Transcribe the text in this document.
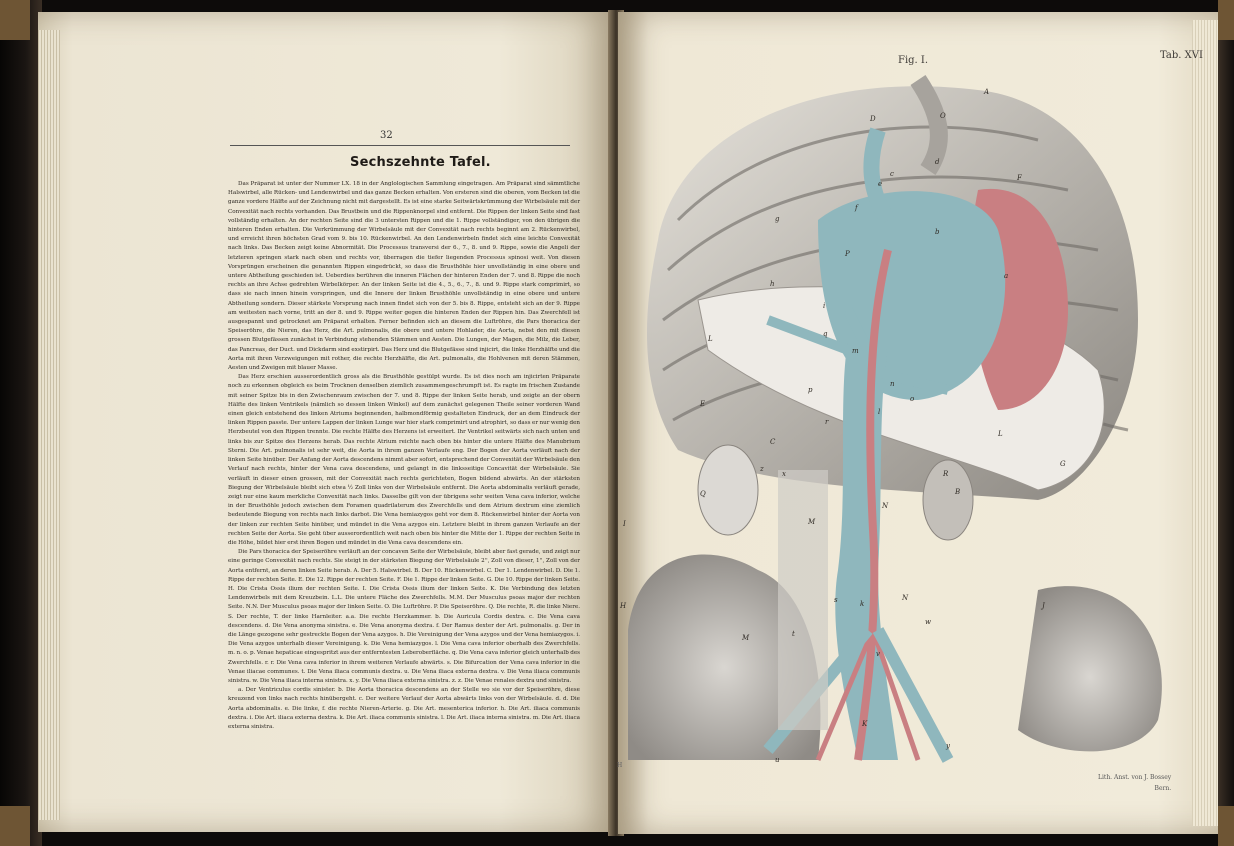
32
Sechszehnte Tafel.

Das Präparat ist unter der Nummer LX. 18 in der Anglologischen Sammlung eingetragen. Am Präparat sind sämmtliche Halswirbel, alle Rücken- und Lendenwirbel und das ganze Becken erhalten. Von ersteren sind die oberen, vom Becken ist die ganze vordere Hälfte auf der Zeichnung nicht mit dargestellt. Es ist eine starke Seitwärtskrümmung der Wirbelsäule mit der Convexität nach rechts vorhanden. Das Brustbein und die Rippenknorpel sind entfernt. Die Rippen der linken Seite sind fast vollständig erhalten. An der rechten Seite sind die 3 untersten Rippen und die 1. Rippe vollständiger, von den übrigen die hinteren Enden erhalten. Die Verkrümmung der Wirbelsäule mit der Convexität nach rechts beginnt am 2. Rückenwirbel, und erreicht ihren höchsten Grad vom 9. bis 10. Rückenwirbel. An den Lendenwirbeln findet sich eine leichte Convexität nach links. Das Becken zeigt keine Abnormität. Die Processus transversi der 6., 7., 8. und 9. Rippe, sowie die Angeli der letzteren springen stark nach oben und rechts vor, überragen die tiefer liegenden Processus spinosi weit. Von diesen Vorsprüngen erscheinen die genannten Rippen eingedrückt, so dass die Brusthöhle hier unvollständig in eine obere und untere Abtheilung geschieden ist. Ueberdies berühren die inneren Flächen der hinteren Enden der 7. und 8. Rippe die noch rechts an ihre Achse gedrehten Wirbelkörper. An der linken Seite ist die 4., 5., 6., 7., 8. und 9. Rippe stark comprimirt, so dass sie nach innen hinein vorspringen, und die Innere der linken Brusthöhle unvollständig in eine obere und untere Abtheilung sondern. Dieser stärkste Vorsprung nach innen findet sich von der 5. bis 8. Rippe, entsteht sich an der 9. Rippe am weitesten nach vorne, tritt an der 8. und 9. Rippe weiter gegen die hinteren Enden der Rippen hin. Das Zwerchfell ist ausgespannt und getrocknet am Präparat erhalten. Ferner befinden sich an diesem die Luftröhre, die Pars thoracica der Speiseröhre, die Nieren, das Herz, die Art. pulmonalis, die obere und untere Hohlader, die Aorta, nebst den mit diesen grossen Blutgefässen zunächst in Verbindung stehenden Stämmen und Aesten. Die Lungen, der Magen, die Milz, die Leber, das Pancreas, der Duct. und Dickdarm sind exstirpirt. Das Herz und die Blutgefässe sind injicirt, die linke Herzhälfte und die Aorta mit ihren Verzweigungen mit rother, die rechte Herzhälfte, die Art. pulmonalis, die Hohlvenen mit deren Stämmen, Aesten und Zweigen mit blauer Masse.

Das Herz erschien ausserordentlich gross als die Brusthöhle gestülpt wurde. Es ist dies noch am injicirten Präparate noch zu erkennen obgleich es beim Trocknen denselben ziemlich zusammengeschrumpft ist. Es ragte im frischen Zustande mit seiner Spitze bis in den Zwischenraum zwischen der 7. und 8. Rippe der linken Seite herab, und zeigte an der obern Hälfte des linken Ventrikels (nämlich so dessen linken Winkel) auf dem zunächst gelegenen Theile seiner vorderen Wand einen gleich entstehend des linken Atriums beginnenden, halbmondförmig gestalteten Eindruck, der an dem Eindruck der linken Rippen passte. Der untere Lappen der linken Lunge war hier stark comprimirt und atrophirt, so dass er nur wenig den Herzbeutel von den Rippen trennte. Die rechte Hälfte des Herzens ist erweitert. Ihr Ventrikel seitwärts sich nach unten und links bis zur Spitze des Herzens herab. Das rechte Atrium reichte nach oben bis hinter die untere Hälfte des Manubrium Sterni. Die Art. pulmonalis ist sehr weit, die Aorta in ihrem ganzen Verlaufe eng. Der Bogen der Aorta verläuft nach der linken Seite hinüber. Der Anfang der Aorta descendens nimmt aber sofort, entsprechend der Convexität der Wirbelsäule den Verlauf nach rechts, hinter der Vena cava descendens, und gelangt in die linksseitige Concavität der Wirbelsäule. Sie verläuft in dieser einen grossen, mit der Convexität nach rechts gerichteten, Bogen bildend abwärts. An der stärksten Biegung der Wirbelsäule bleibt sich etwa ½ Zoll links von der Wirbelsäule entfernt. Die Aorta abdominalis verläuft gerade, zeigt nur eine kaum merkliche Convexität nach links. Dasselbe gilt von der übrigens sehr weiten Vena cava inferior, welche in der Brusthöhle jedoch zwischen dem Foramen quadrilaterum des Zwerchfells und dem Atrium dextrum eine ziemlich bedeutende Biegung von rechts nach links darbot. Die Vena hemiazygos geht vor dem 8. Rückenwirbel hinter der Aorta von der linken zur rechten Seite hinüber, und mündet in die Vena azygos ein. Letztere bleibt in ihrem ganzen Verlaufe an der rechten Seite der Aorta. Sie geht über ausserordentlich weit nach oben bis hinter die Mitte der 1. Rippe der rechten Seite in die Höhe, bildet hier erst ihren Bogen und mündet in die Vena cava descendens ein.

Die Pars thoracica der Speiseröhre verläuft an der concaven Seite der Wirbelsäule, bleibt aber fast gerade, und zeigt nur eine geringe Convexität nach rechts. Sie steigt in der stärksten Biegung der Wirbelsäule 2'', Zoll von dieser, 1'', Zoll von der Aorta entfernt, an deren linken Seite herab. A. Der 5. Halswirbel. B. Der 10. Rückenwirbel. C. Der 1. Lendenwirbel. D. Die 1. Rippe der rechten Seite. E. Die 12. Rippe der rechten Seite. F. Die 1. Rippe der linken Seite. G. Die 10. Rippe der linken Seite. H. Die Crista Ossis ilium der rechten Seite. I. Die Crista Ossis ilium der linken Seite. K. Die Verbindung des letzten Lendenwirbels mit dem Kreuzbein. L.L. Die untere Fläche des Zwerchfells. M.M. Der Musculus psoas major der rechten Seite. N.N. Der Musculus psoas major der linken Seite. O. Die Luftröhre. P. Die Speiseröhre. Q. Die rechte, R. die linke Niere. S. Der rechte, T. der linke Harnleiter. a.a. Die rechte Herzkammer. b. Die Auricula Cordis dextra. c. Die Vena cava descendens. d. Die Vena anonyma sinistra. e. Die Vena anonyma dextra. f. Der Ramus dexter der Art. pulmonalis. g. Der in die Länge gezogene sehr gestreckte Bogen der Vena azygos. h. Die Vereinigung der Vena azygos und der Vena hemiazygos. i. Die Vena azygos unterhalb dieser Vereinigung. k. Die Vena hemiazygos. l. Die Vena cava inferior oberhalb des Zwerchfells. m. n. o. p. Venae hepaticae eingespritzt aus der entferntesten Leberoberfläche. q. Die Vena cava inferior gleich unterhalb des Zwerchfells. r. r. Die Vena cava inferior in ihrem weiteren Verlaufe abwärts. s. Die Bifurcation der Vena cava inferior in die Venae iliacae communes. t. Die Vena iliaca communis dextra. u. Die Vena iliaca externa dextra. v. Die Vena iliaca communis sinistra. w. Die Vena iliaca interna sinistra. x. y. Die Vena iliaca externa sinistra. z. z. Die Venae renales dextra und sinistra.

a. Der Ventriculus cordis sinister. b. Die Aorta thoracica descendens an der Stelle wo sie vor der Speiseröhre, diese kreuzend von links nach rechts hinübergeht. c. Der weitere Verlauf der Aorta abwärts links von der Wirbelsäule. d. d. Die Aorta abdominalis. e. Die linke, f. die rechte Nieren-Arterie. g. Die Art. mesenterica inferior. h. Die Art. iliaca communis dextra. i. Die Art. iliaca externa dextra. k. Die Art. iliaca communis sinistra. l. Die Art. iliaca interna sinistra. m. Die Art. iliaca externa sinistra.

Fig. I.	Tab. XVI
Lith. Anst. von J. Bossey
Bern.
H
A
B
C
D
E
F
G
H
I
J
K
L
L
M
M
N
N
O
P
Q
R
a
b
c
d
e
f
g
h
i
k
l
m
n
o
p
q
r
s
t
u
v
w
x
y
z
